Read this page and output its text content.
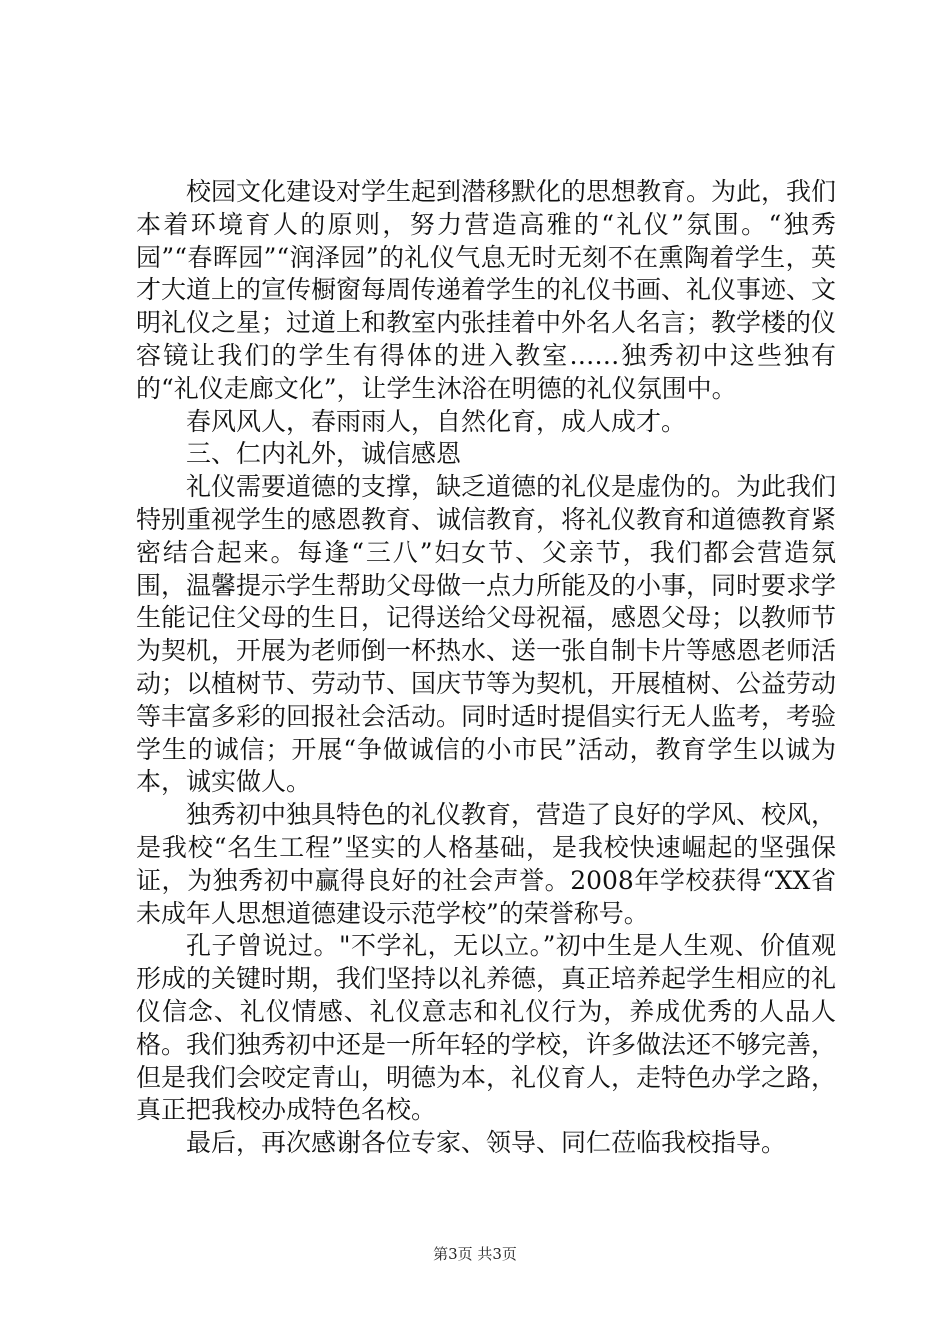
校园文化建设对学生起到潜移默化的思想教育。为此，我们本着环境育人的原则，努力营造高雅的“礼仪”氛围。“独秀园”“春晖园”“润泽园”的礼仪气息无时无刻不在熏陶着学生，英才大道上的宣传橱窗每周传递着学生的礼仪书画、礼仪事迹、文明礼仪之星；过道上和教室内张挂着中外名人名言；教学楼的仪容镜让我们的学生有得体的进入教室……独秀初中这些独有的“礼仪走廊文化”，让学生沐浴在明德的礼仪氛围中。

春风风人，春雨雨人，自然化育，成人成才。

三、仁内礼外，诚信感恩

礼仪需要道德的支撑，缺乏道德的礼仪是虚伪的。为此我们特别重视学生的感恩教育、诚信教育，将礼仪教育和道德教育紧密结合起来。每逢“三八”妇女节、父亲节，我们都会营造氛围，温馨提示学生帮助父母做一点力所能及的小事，同时要求学生能记住父母的生日，记得送给父母祝福，感恩父母；以教师节为契机，开展为老师倒一杯热水、送一张自制卡片等感恩老师活动；以植树节、劳动节、国庆节等为契机，开展植树、公益劳动等丰富多彩的回报社会活动。同时适时提倡实行无人监考，考验学生的诚信；开展“争做诚信的小市民”活动，教育学生以诚为本，诚实做人。

独秀初中独具特色的礼仪教育，营造了良好的学风、校风，是我校“名生工程”坚实的人格基础，是我校快速崛起的坚强保证，为独秀初中赢得良好的社会声誉。2008年学校获得“XX省未成年人思想道德建设示范学校”的荣誉称号。

孔子曾说过。"不学礼，无以立。”初中生是人生观、价值观形成的关键时期，我们坚持以礼养德，真正培养起学生相应的礼仪信念、礼仪情感、礼仪意志和礼仪行为，养成优秀的人品人格。我们独秀初中还是一所年轻的学校，许多做法还不够完善，但是我们会咬定青山，明德为本，礼仪育人，走特色办学之路，真正把我校办成特色名校。

最后，再次感谢各位专家、领导、同仁莅临我校指导。

第3页 共3页
